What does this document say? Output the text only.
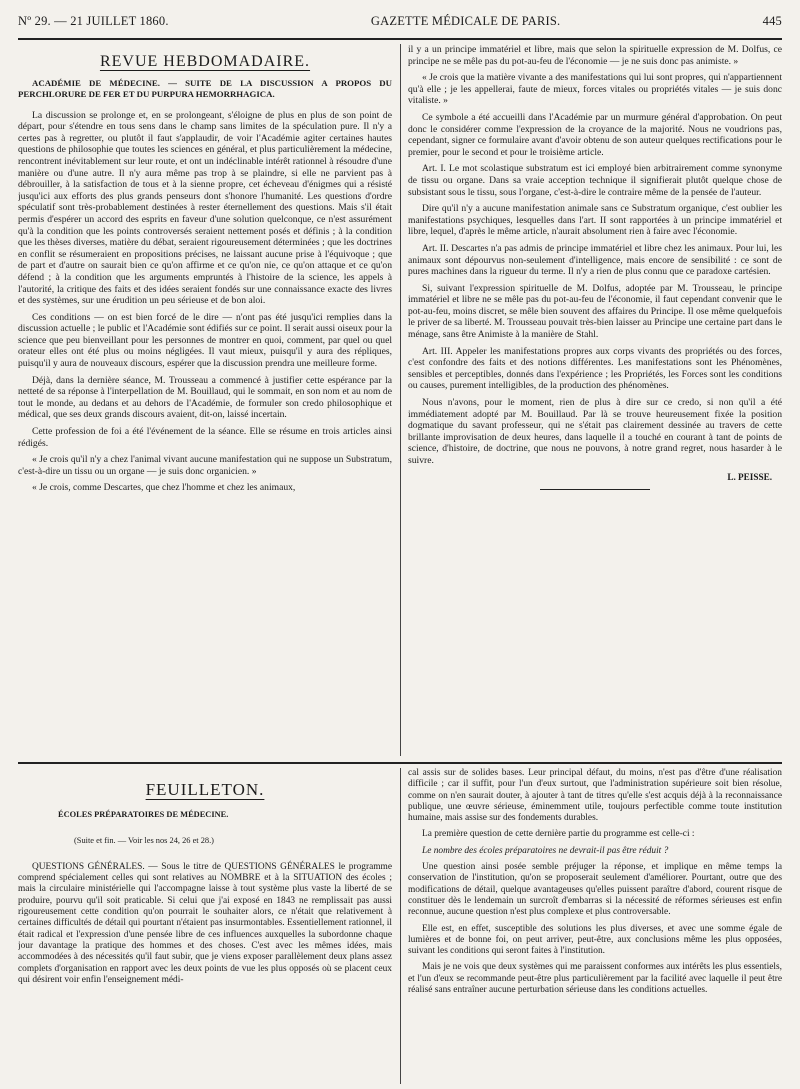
Nº 29. — 21 JUILLET 1860.	GAZETTE MÉDICALE DE PARIS.	445
REVUE HEBDOMADAIRE.
ACADÉMIE DE MÉDECINE. — SUITE DE LA DISCUSSION A PROPOS DU PERCHLORURE DE FER ET DU PURPURA HEMORRHAGICA.

La discussion se prolonge et, en se prolongeant, s'éloigne de plus en plus de son point de départ, pour s'étendre en tous sens dans le champ sans limites de la spéculation pure. Il n'y a certes pas à regretter, ou plutôt il faut s'applaudir, de voir l'Académie agiter certaines hautes questions de philosophie que toutes les sciences en général, et plus particulièrement la médecine, rencontrent inévitablement sur leur route, et ont un indéclinable intérêt rationnel à résoudre d'une manière ou d'une autre. Il n'y aura même pas trop à se plaindre, si elle ne parvient pas à débrouiller, à la satisfaction de tous et à la sienne propre, cet écheveau d'énigmes qui a résisté jusqu'ici aux efforts des plus grands penseurs dont s'honore l'humanité. Les questions d'ordre spéculatif sont très-probablement destinées à rester éternellement des questions. Mais s'il était permis d'espérer un accord des esprits en faveur d'une solution quelconque, ce n'est assurément qu'à la condition que les points controversés seraient nettement posés et définis ; à la condition que les thèses diverses, matière du débat, seraient rigoureusement déterminées ; que les doctrines en conflit se résumeraient en propositions précises, ne laissant aucune prise à l'équivoque ; que de part et d'autre on saurait bien ce qu'on affirme et ce qu'on nie, ce qu'on attaque et ce qu'on défend ; à la condition que les arguments empruntés à l'histoire de la science, les appels à l'autorité, la critique des faits et des idées seraient fondés sur une connaissance exacte des livres et des systèmes, sur une érudition un peu sérieuse et de bon aloi.

Ces conditions — on est bien forcé de le dire — n'ont pas été jusqu'ici remplies dans la discussion actuelle ; le public et l'Académie sont édifiés sur ce point. Il serait aussi oiseux pour la science que peu bienveillant pour les personnes de montrer en quoi, comment, par quel ou quel orateur elles ont été plus ou moins négligées. Il vaut mieux, puisqu'il y aura des répliques, puisqu'il y aura de nouveaux discours, espérer que la discussion prendra une meilleure forme.

Déjà, dans la dernière séance, M. Trousseau a commencé à justifier cette espérance par la netteté de sa réponse à l'interpellation de M. Bouillaud, qui le sommait, en son nom et au nom de tout le monde, au dedans et au dehors de l'Académie, de formuler son credo philosophique et médical, que ses deux grands discours avaient, dit-on, laissé incertain.

Cette profession de foi a été l'événement de la séance. Elle se résume en trois articles ainsi rédigés.

« Je crois qu'il n'y a chez l'animal vivant aucune manifestation qui ne suppose un Substratum, c'est-à-dire un tissu ou un organe — je suis donc organicien. »

« Je crois, comme Descartes, que chez l'homme et chez les animaux,

il y a un principe immatériel et libre, mais que selon la spirituelle expression de M. Dolfus, ce principe ne se mêle pas du pot-au-feu de l'économie — je ne suis donc pas animiste. »

« Je crois que la matière vivante a des manifestations qui lui sont propres, qui n'appartiennent qu'à elle ; je les appellerai, faute de mieux, forces vitales ou propriétés vitales — je suis donc vitaliste. »

Ce symbole a été accueilli dans l'Académie par un murmure général d'approbation. On peut donc le considérer comme l'expression de la croyance de la majorité. Nous ne voudrions pas, cependant, signer ce formulaire avant d'avoir obtenu de son auteur quelques rectifications pour le premier, pour le second et pour le troisième article.

Art. I. Le mot scolastique substratum est ici employé bien arbitrairement comme synonyme de tissu ou organe. Dans sa vraie acception technique il signifierait plutôt quelque chose de subsistant sous le tissu, sous l'organe, c'est-à-dire le contraire même de la pensée de l'auteur.

Dire qu'il n'y a aucune manifestation animale sans ce Substratum organique, c'est oublier les manifestations psychiques, lesquelles dans l'art. II sont rapportées à un principe immatériel et libre, lequel, d'après le même article, n'aurait absolument rien à faire avec l'économie.

Art. II. Descartes n'a pas admis de principe immatériel et libre chez les animaux. Pour lui, les animaux sont dépourvus non-seulement d'intelligence, mais encore de sensibilité : ce sont de pures machines dans la rigueur du terme. Il n'y a rien de plus connu que ce paradoxe cartésien.

Si, suivant l'expression spirituelle de M. Dolfus, adoptée par M. Trousseau, le principe immatériel et libre ne se mêle pas du pot-au-feu de l'économie, il faut cependant convenir que le pot-au-feu, moins discret, se mêle bien souvent des affaires du Principe. Il ose même quelquefois le priver de sa liberté. M. Trousseau pouvait très-bien laisser au Principe une certaine part dans le ménage, sans être Animiste à la manière de Stahl.

Art. III. Appeler les manifestations propres aux corps vivants des propriétés ou des forces, c'est confondre des faits et des notions différentes. Les manifestations sont les Phénomènes, sensibles et perceptibles, donnés dans l'expérience ; les Propriétés, les Forces sont les conditions ou causes, purement intelligibles, de la production des phénomènes.

Nous n'avons, pour le moment, rien de plus à dire sur ce credo, si non qu'il a été immédiatement adopté par M. Bouillaud. Par là se trouve heureusement fixée la position dogmatique du savant professeur, qui ne s'était pas clairement dessinée au travers de cette brillante improvisation de deux heures, dans laquelle il a touché en courant à tant de points de science, d'histoire, de doctrine, que nous ne pouvons, à notre grand regret, nous hasarder à le suivre.

L. PEISSE.
FEUILLETON.
ÉCOLES PRÉPARATOIRES DE MÉDECINE.
(Suite et fin. — Voir les nos 24, 26 et 28.)

QUESTIONS GÉNÉRALES. — Sous le titre de QUESTIONS GÉNÉRALES le programme comprend spécialement celles qui sont relatives au NOMBRE et à la SITUATION des écoles ; mais la circulaire ministérielle qui l'accompagne laisse à tout système plus vaste la liberté de se produire, pourvu qu'il soit praticable. Si celui que j'ai exposé en 1843 ne remplissait pas aussi rigoureusement cette condition qu'on pourrait le souhaiter alors, ce n'était que relativement à certaines difficultés de détail qui pourtant n'étaient pas insurmontables. Essentiellement rationnel, il était radical et l'expression d'une pensée libre de ces influences auxquelles la subordonne chaque jour davantage la pratique des hommes et des choses. C'est avec les mêmes idées, mais accommodées à des nécessités qu'il faut subir, que je viens exposer parallèlement deux plans assez complets d'organisation en rapport avec les deux points de vue les plus opposés où se placent ceux qui désirent voir enfin l'enseignement médi-

cal assis sur de solides bases. Leur principal défaut, du moins, n'est pas d'être d'une réalisation difficile ; car il suffit, pour l'un d'eux surtout, que l'administration supérieure soit bien résolue, comme on n'en saurait douter, à ajouter à tant de titres qu'elle s'est acquis déjà à la reconnaissance publique, une œuvre sérieuse, éminemment utile, toujours perfectible comme toute institution humaine, mais assise sur des fondements durables.

La première question de cette dernière partie du programme est celle-ci :

Le nombre des écoles préparatoires ne devrait-il pas être réduit ?

Une question ainsi posée semble préjuger la réponse, et implique en même temps la conservation de l'institution, qu'on se proposerait seulement d'améliorer. Pourtant, outre que des modifications de détail, quelque avantageuses qu'elles puissent paraître d'abord, courent risque de constituer dès le lendemain un surcroît d'embarras si la nécessité de réformes sérieuses est enfin reconnue, aucune question n'est plus complexe et plus controversable.

Elle est, en effet, susceptible des solutions les plus diverses, et avec une somme égale de lumières et de bonne foi, on peut arriver, peut-être, aux conclusions même les plus opposées, suivant les conditions qui seront faites à l'institution.

Mais je ne vois que deux systèmes qui me paraissent conformes aux intérêts les plus essentiels, et l'un d'eux se recommande peut-être plus particulièrement par la facilité avec laquelle il peut être réalisé sans entraîner aucune perturbation sérieuse dans les conditions actuelles.
